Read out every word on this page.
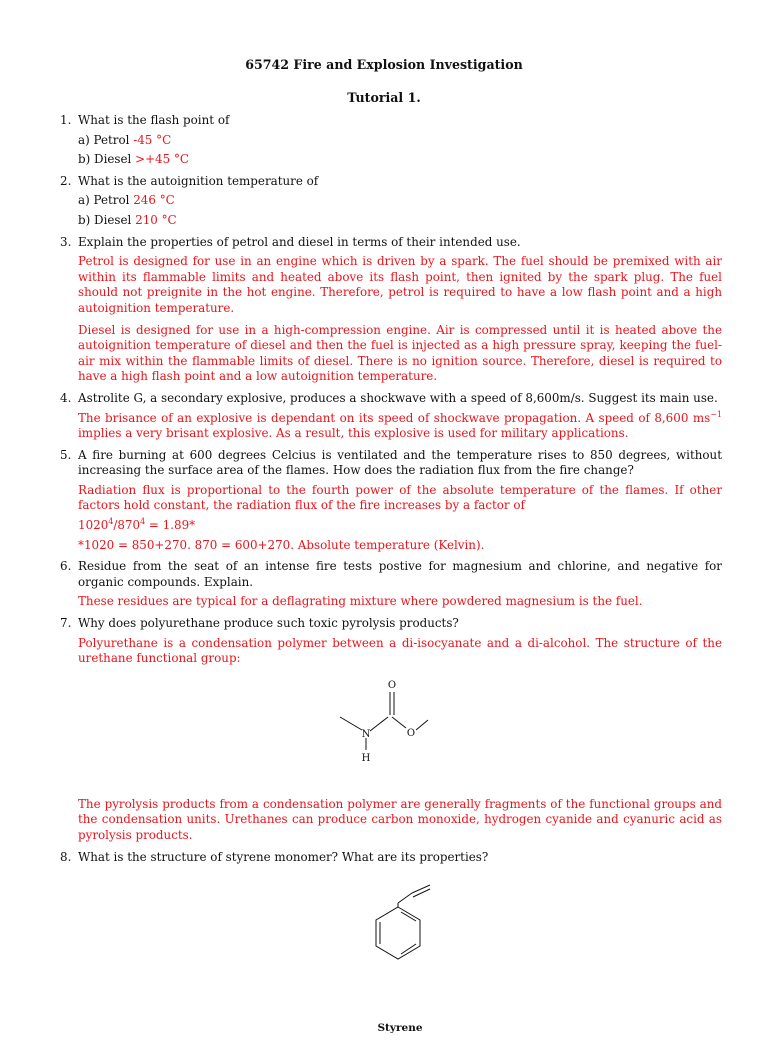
65742 Fire and Explosion Investigation
Tutorial 1.
1. What is the flash point of
a) Petrol -45 °C
b) Diesel >+45 °C
2. What is the autoignition temperature of
a) Petrol 246 °C
b) Diesel 210 °C
3. Explain the properties of petrol and diesel in terms of their intended use.
Petrol is designed for use in an engine which is driven by a spark. The fuel should be premixed with air within its flammable limits and heated above its flash point, then ignited by the spark plug. The fuel should not preignite in the hot engine. Therefore, petrol is required to have a low flash point and a high autoignition temperature.
Diesel is designed for use in a high-compression engine. Air is compressed until it is heated above the autoignition temperature of diesel and then the fuel is injected as a high pressure spray, keeping the fuel-air mix within the flammable limits of diesel. There is no ignition source. Therefore, diesel is required to have a high flash point and a low autoignition temperature.
4. Astrolite G, a secondary explosive, produces a shockwave with a speed of 8,600m/s. Suggest its main use.
The brisance of an explosive is dependant on its speed of shockwave propagation. A speed of 8,600 $ms^{-1}$ implies a very brisant explosive. As a result, this explosive is used for military applications.
5. A fire burning at 600 degrees Celcius is ventilated and the temperature rises to 850 degrees, without increasing the surface area of the flames. How does the radiation flux from the fire change?
Radiation flux is proportional to the fourth power of the absolute temperature of the flames. If other factors hold constant, the radiation flux of the fire increases by a factor of
$1020^4/870^4 = 1.89*$
*1020 = 850+270. 870 = 600+270. Absolute temperature (Kelvin).
6. Residue from the seat of an intense fire tests postive for magnesium and chlorine, and negative for organic compounds. Explain.
These residues are typical for a deflagrating mixture where powdered magnesium is the fuel.
7. Why does polyurethane produce such toxic pyrolysis products?
Polyurethane is a condensation polymer between a di-isocyanate and a di-alcohol. The structure of the urethane functional group:
O
N	O
H
The pyrolysis products from a condensation polymer are generally fragments of the functional groups and the condensation units. Urethanes can produce carbon monoxide, hydrogen cyanide and cyanuric acid as pyrolysis products.
8. What is the structure of styrene monomer? What are its properties?
Styrene
